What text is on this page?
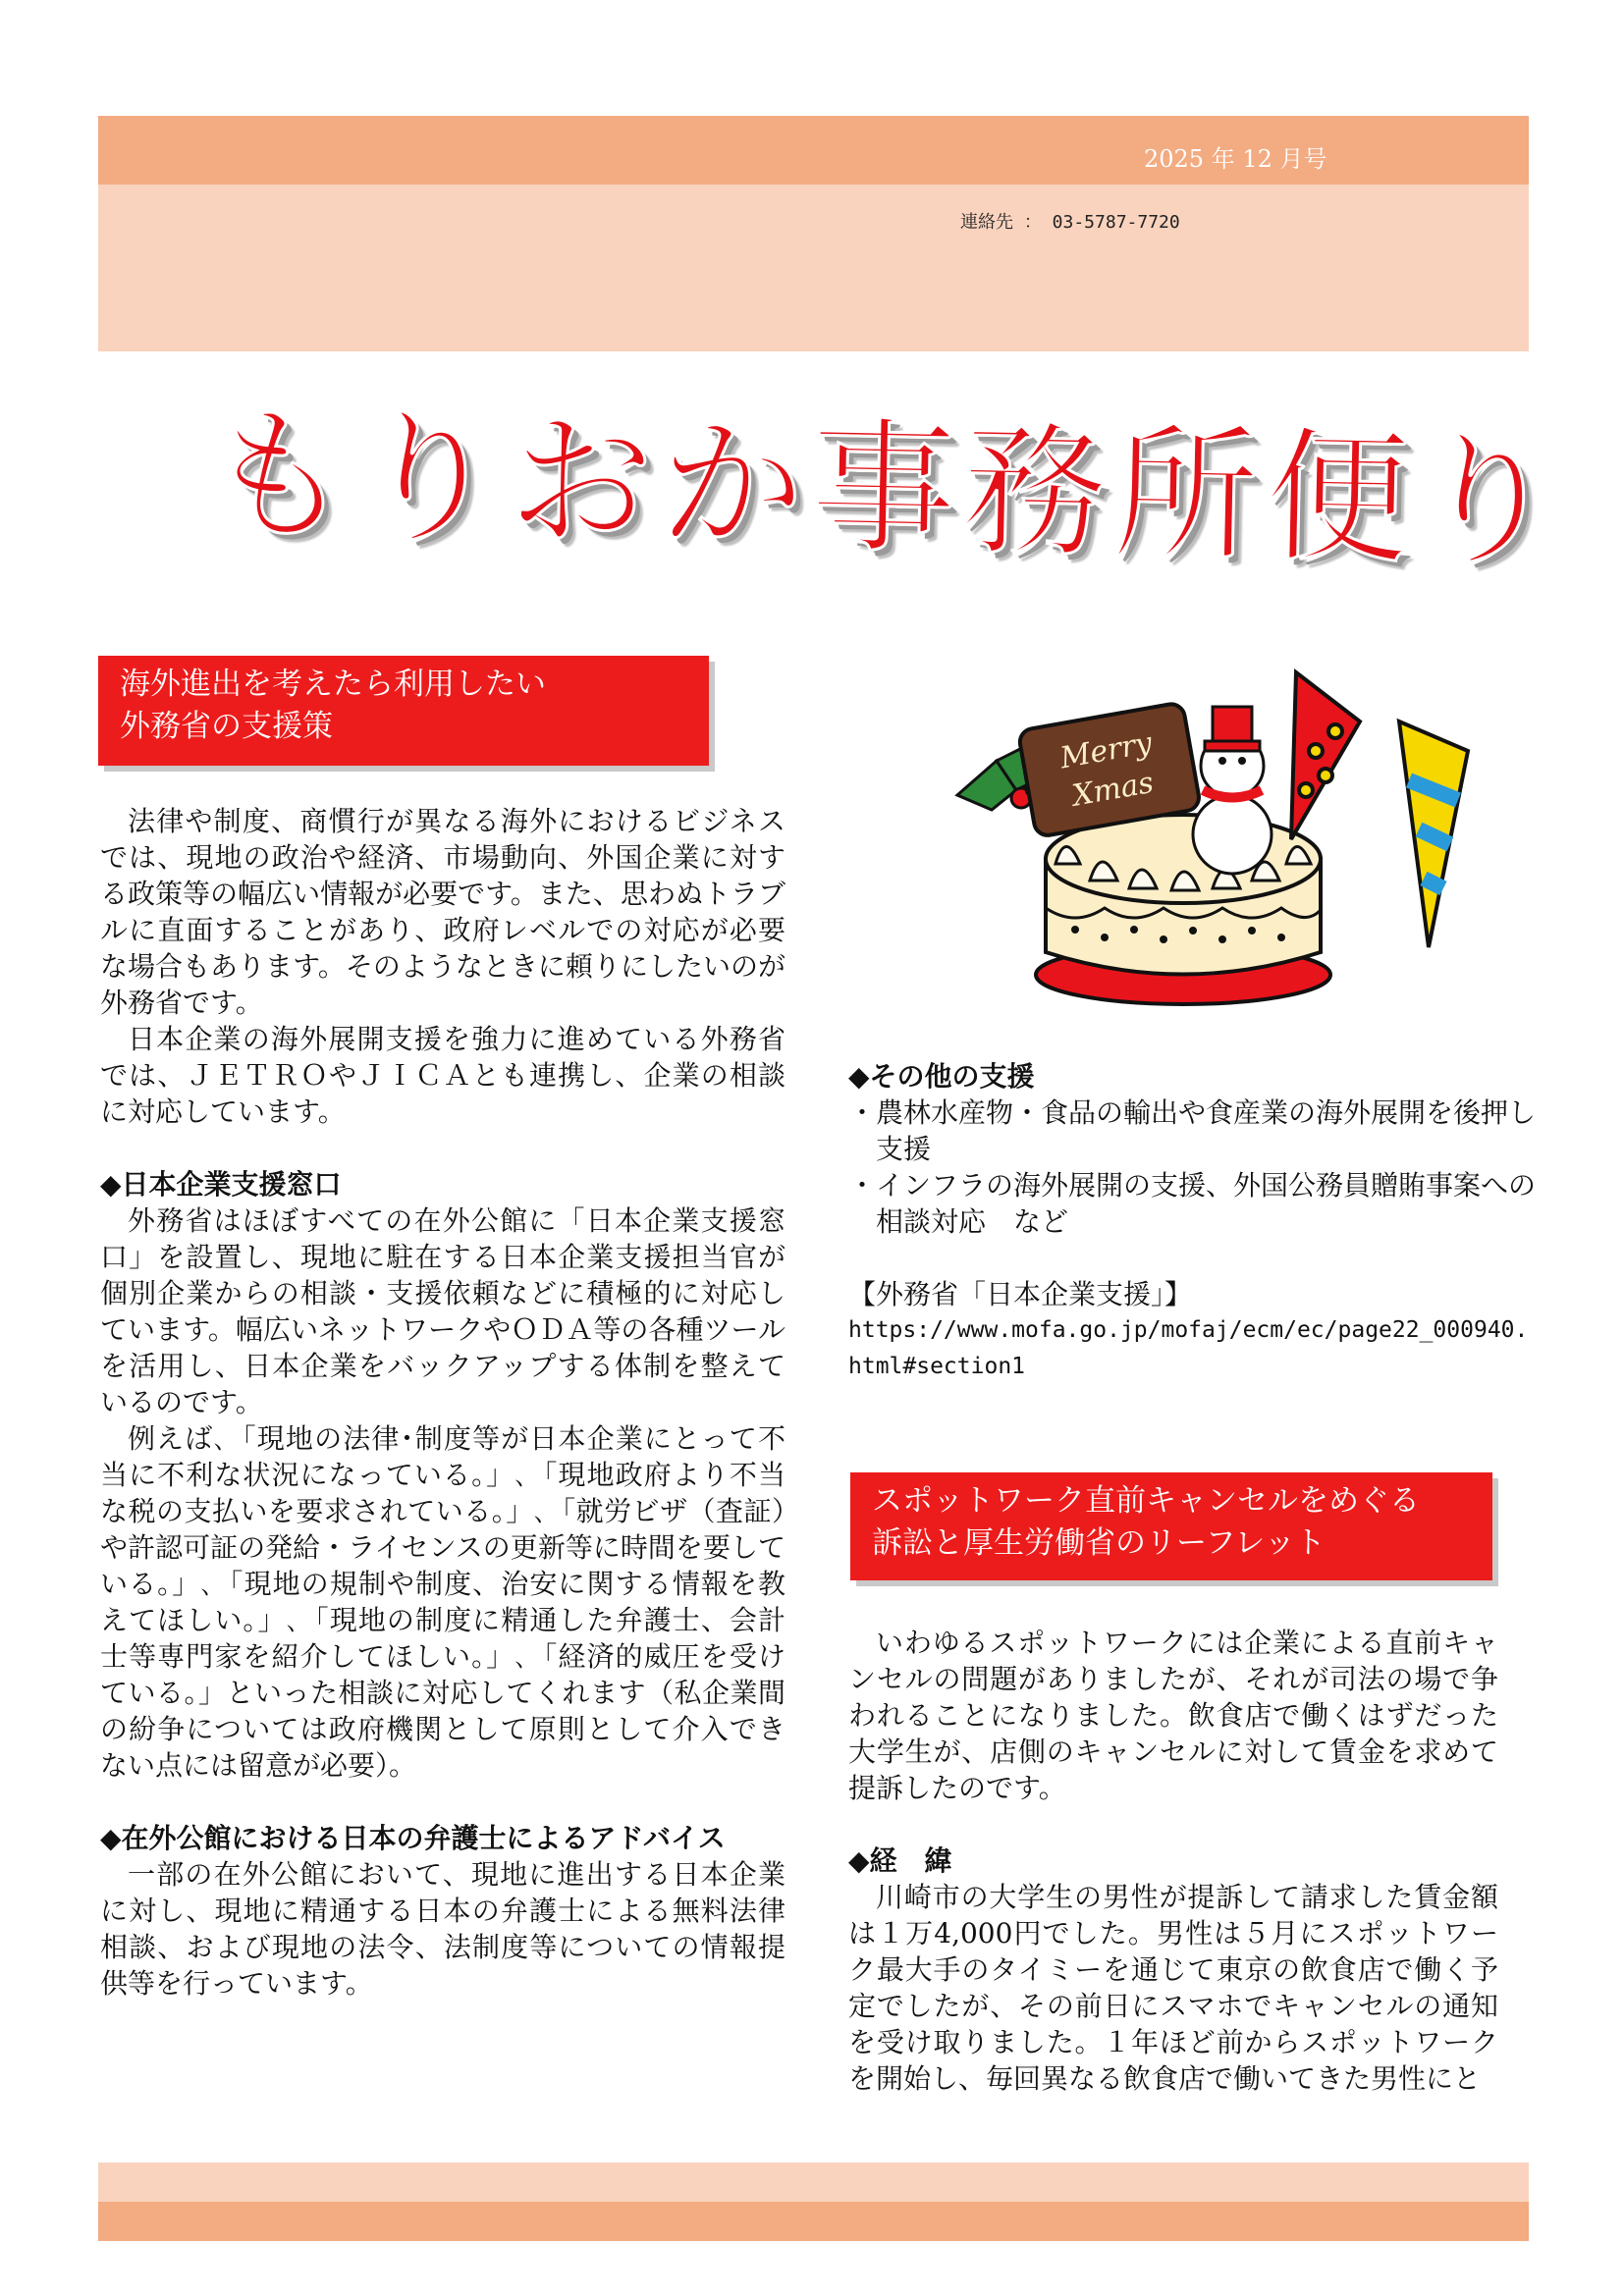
2025 年 12 月号
連絡先 ： 03-5787-7720
もりおか事務所便り
海外進出を考えたら利用したい
外務省の支援策

法律や制度、商慣行が異なる海外におけるビジネスでは、現地の政治や経済、市場動向、外国企業に対する政策等の幅広い情報が必要です。また、思わぬトラブルに直面することがあり、政府レベルでの対応が必要な場合もあります。そのようなときに頼りにしたいのが外務省です。

日本企業の海外展開支援を強力に進めている外務省では、ＪＥＴＲＯやＪＩＣＡとも連携し、企業の相談に対応しています。

◆日本企業支援窓口

外務省はほぼすべての在外公館に「日本企業支援窓口」を設置し、現地に駐在する日本企業支援担当官が個別企業からの相談・支援依頼などに積極的に対応しています。幅広いネットワークやＯＤＡ等の各種ツールを活用し、日本企業をバックアップする体制を整えているのです。

例えば､「現地の法律･制度等が日本企業にとって不当に不利な状況になっている。」､「現地政府より不当な税の支払いを要求されている。」､「就労ビザ（査証）や許認可証の発給・ライセンスの更新等に時間を要している。」､「現地の規制や制度、治安に関する情報を教えてほしい。」､「現地の制度に精通した弁護士、会計士等専門家を紹介してほしい。」､「経済的威圧を受けている。」といった相談に対応してくれます（私企業間の紛争については政府機関として原則として介入できない点には留意が必要）。

◆在外公館における日本の弁護士によるアドバイス

一部の在外公館において、現地に進出する日本企業に対し、現地に精通する日本の弁護士による無料法律相談、および現地の法令、法制度等についての情報提供等を行っています。

Merry
Xmas

◆その他の支援

・農林水産物・食品の輸出や食産業の海外展開を後押し支援

・インフラの海外展開の支援、外国公務員贈賄事案への相談対応　など

【外務省「日本企業支援」】

https://www.mofa.go.jp/mofaj/ecm/ec/page22_000940.html#section1

スポットワーク直前キャンセルをめぐる
訴訟と厚生労働省のリーフレット

いわゆるスポットワークには企業による直前キャンセルの問題がありましたが、それが司法の場で争われることになりました。飲食店で働くはずだった大学生が、店側のキャンセルに対して賃金を求めて提訴したのです。

◆経　緯

川崎市の大学生の男性が提訴して請求した賃金額は１万4,000円でした。男性は５月にスポットワーク最大手のタイミーを通じて東京の飲食店で働く予定でしたが、その前日にスマホでキャンセルの通知を受け取りました。１年ほど前からスポットワークを開始し、毎回異なる飲食店で働いてきた男性にと
